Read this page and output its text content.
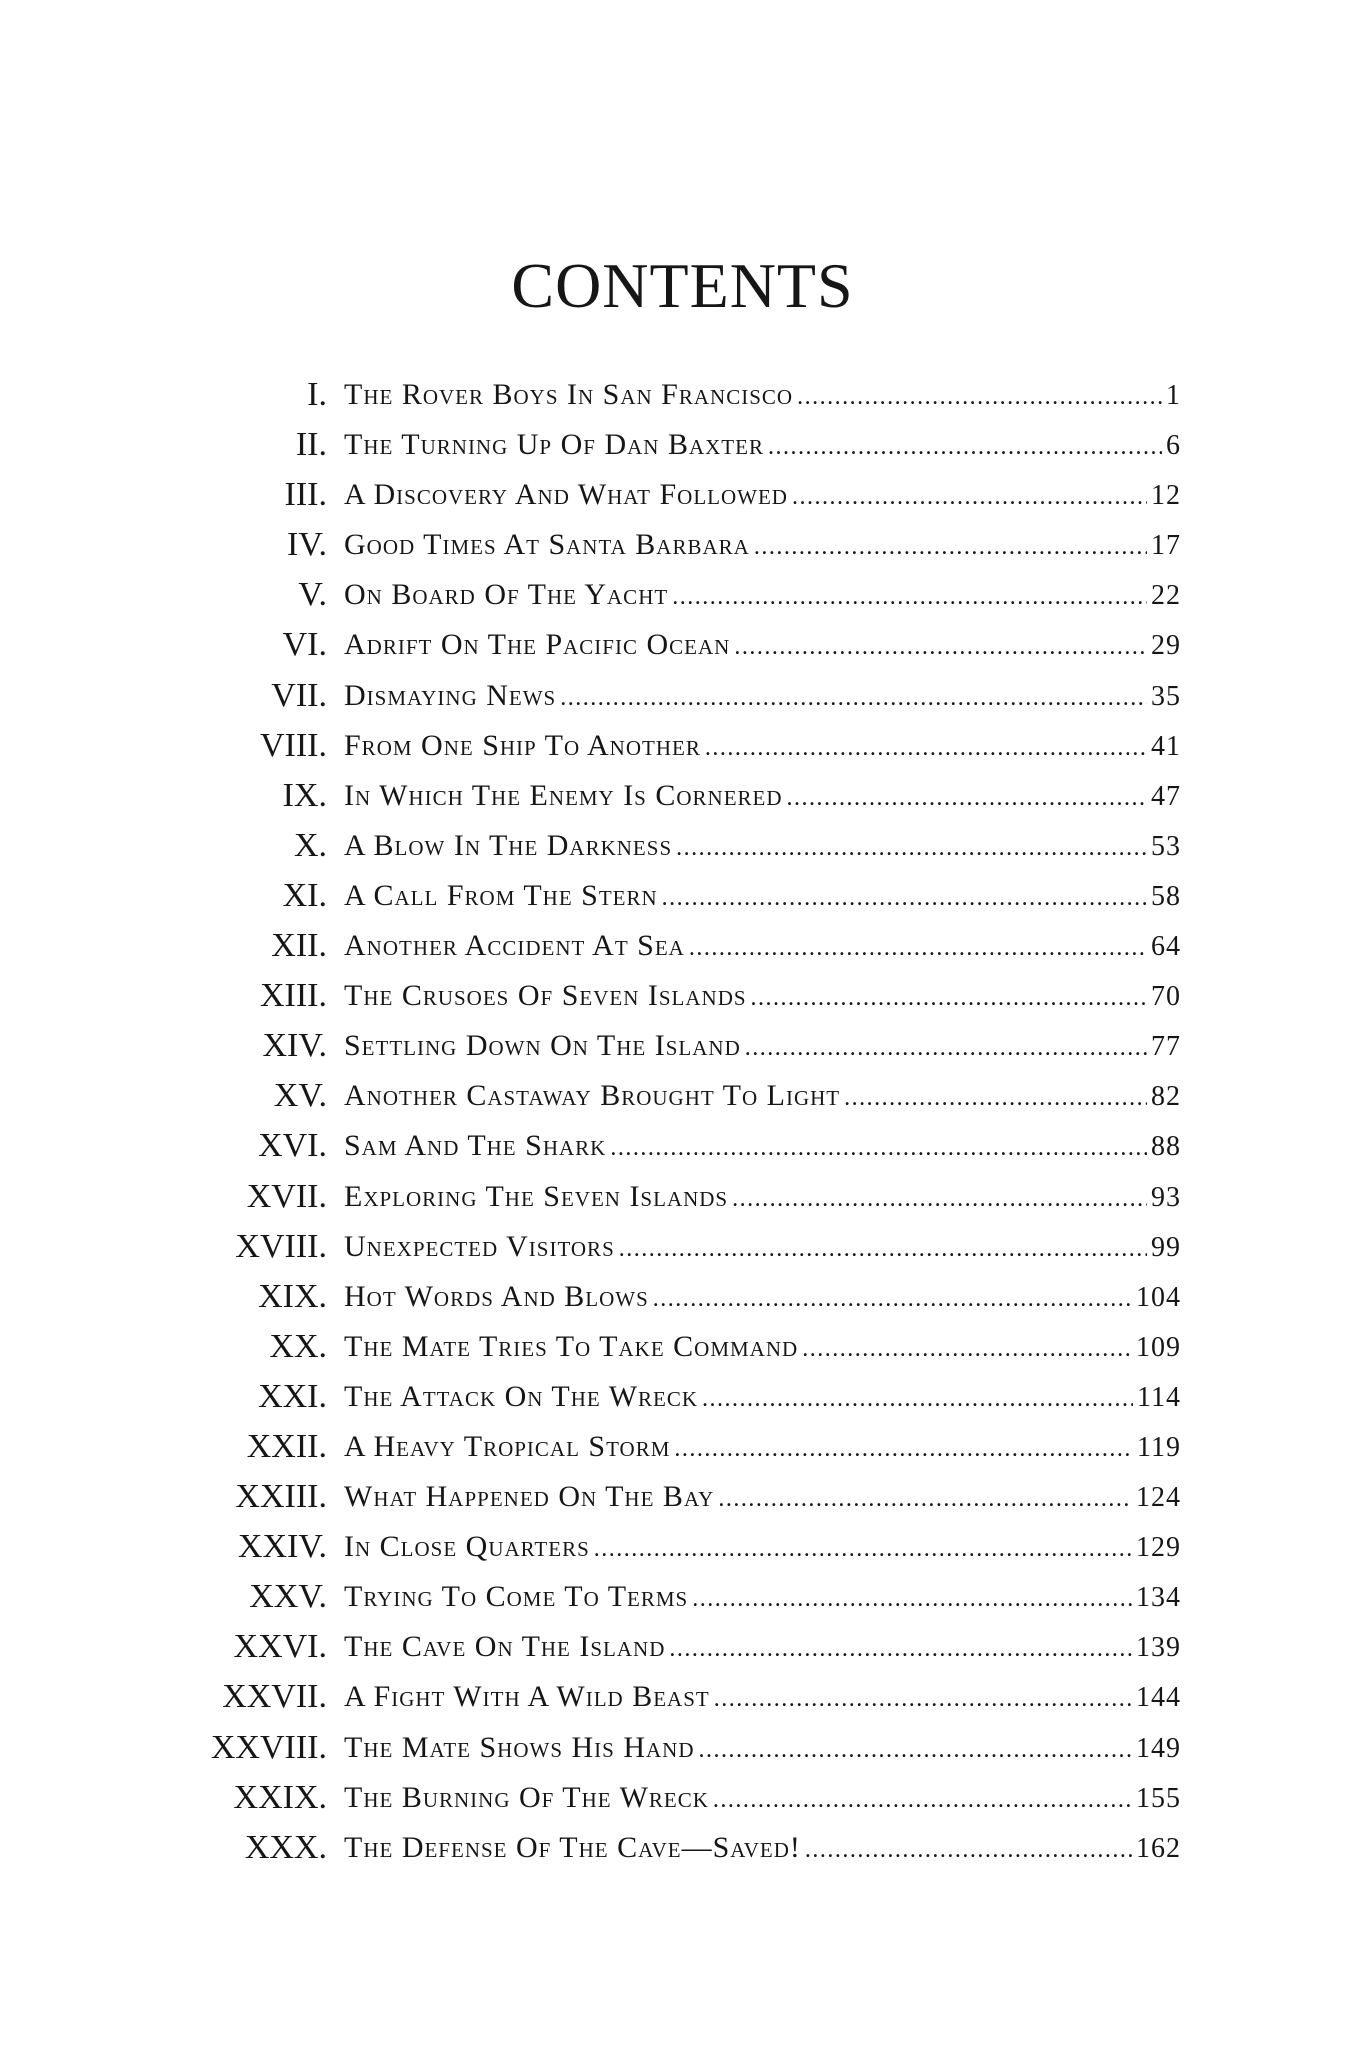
CONTENTS
I. The Rover Boys In San Francisco .....	1
II. The Turning Up Of Dan Baxter .....	6
III. A Discovery And What Followed .....	12
IV. Good Times At Santa Barbara .....	17
V. On Board Of The Yacht .....	22
VI. Adrift On The Pacific Ocean .....	29
VII. Dismaying News .....	35
VIII. From One Ship To Another .....	41
IX. In Which The Enemy Is Cornered .....	47
X. A Blow In The Darkness .....	53
XI. A Call From The Stern .....	58
XII. Another Accident At Sea .....	64
XIII. The Crusoes Of Seven Islands .....	70
XIV. Settling Down On The Island .....	77
XV. Another Castaway Brought To Light .....	82
XVI. Sam And The Shark .....	88
XVII. Exploring The Seven Islands .....	93
XVIII. Unexpected Visitors .....	99
XIX. Hot Words And Blows .....	104
XX. The Mate Tries To Take Command .....	109
XXI. The Attack On The Wreck .....	114
XXII. A Heavy Tropical Storm .....	119
XXIII. What Happened On The Bay .....	124
XXIV. In Close Quarters .....	129
XXV. Trying To Come To Terms .....	134
XXVI. The Cave On The Island .....	139
XXVII. A Fight With A Wild Beast .....	144
XXVIII. The Mate Shows His Hand .....	149
XXIX. The Burning Of The Wreck .....	155
XXX. The Defense Of The Cave—Saved! .....	162
